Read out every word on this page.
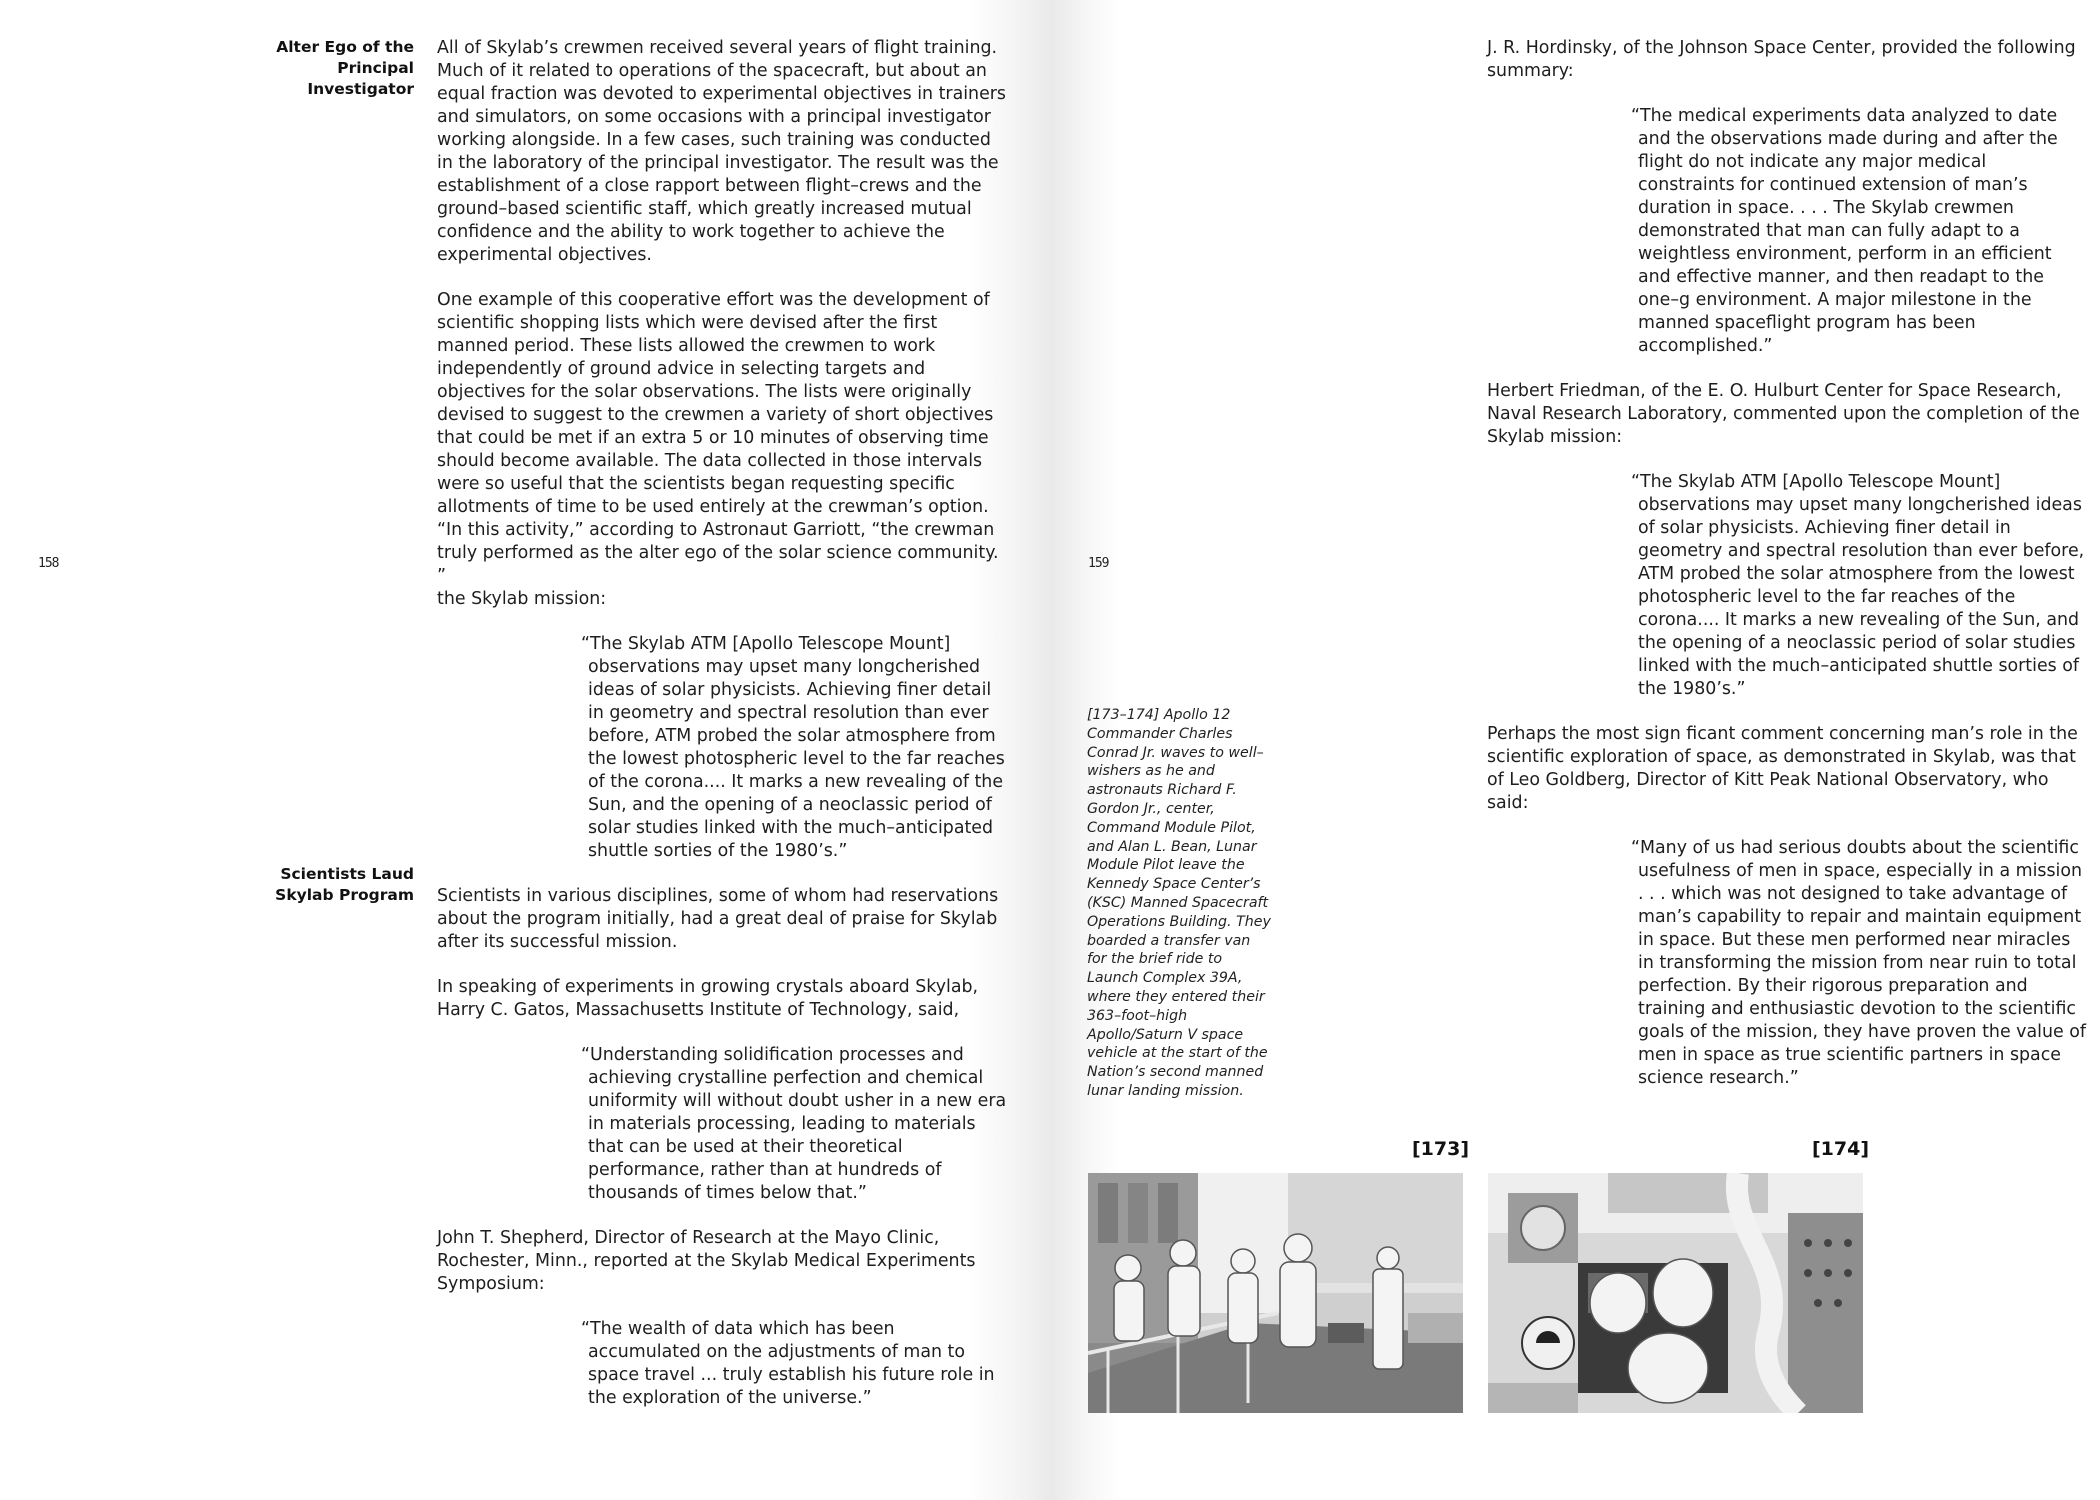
158
Alter Ego of the Principal Investigator
Scientists Laud Skylab Program

All of Skylab’s crewmen received several years of flight training. Much of it related to operations of the spacecraft, but about an equal fraction was devoted to experimental objectives in trainers and simulators, on some occasions with a principal investigator working alongside. In a few cases, such training was conducted in the laboratory of the principal investigator. The result was the establishment of a close rapport between flight–crews and the ground–based scientific staff, which greatly increased mutual confidence and the ability to work together to achieve the experimental objectives.

One example of this cooperative effort was the development of scientific shopping lists which were devised after the first manned period. These lists allowed the crewmen to work independently of ground advice in selecting targets and objectives for the solar observations. The lists were originally devised to suggest to the crewmen a variety of short objectives that could be met if an extra 5 or 10 minutes of observing time should become available. The data collected in those intervals were so useful that the scientists began requesting specific allotments of time to be used entirely at the crewman’s option. “In this activity,” according to Astronaut Garriott, “the crewman truly performed as the alter ego of the solar science community. ”

the Skylab mission:

“The Skylab ATM [Apollo Telescope Mount] observations may upset many longcherished ideas of solar physicists. Achieving finer detail in geometry and spectral resolution than ever before, ATM probed the solar atmosphere from the lowest photospheric level to the far reaches of the corona.... It marks a new revealing of the Sun, and the opening of a neoclassic period of solar studies linked with the much–anticipated shuttle sorties of the 1980’s.”

Scientists in various disciplines, some of whom had reservations about the program initially, had a great deal of praise for Skylab after its successful mission.

In speaking of experiments in growing crystals aboard Skylab, Harry C. Gatos, Massachusetts Institute of Technology, said,

“Understanding solidification processes and achieving crystalline perfection and chemical uniformity will without doubt usher in a new era in materials processing, leading to materials that can be used at their theoretical performance, rather than at hundreds of thousands of times below that.”

John T. Shepherd, Director of Research at the Mayo Clinic, Rochester, Minn., reported at the Skylab Medical Experiments Symposium:

“The wealth of data which has been accumulated on the adjustments of man to space travel ... truly establish his future role in the exploration of the universe.”

159

J. R. Hordinsky, of the Johnson Space Center, provided the following summary:

“The medical experiments data analyzed to date and the observations made during and after the flight do not indicate any major medical constraints for continued extension of man’s duration in space. . . . The Skylab crewmen demonstrated that man can fully adapt to a weightless environment, perform in an efficient and effective manner, and then readapt to the one–g environment. A major milestone in the manned spaceflight program has been accomplished.”

Herbert Friedman, of the E. O. Hulburt Center for Space Research, Naval Research Laboratory, commented upon the completion of the Skylab mission:

“The Skylab ATM [Apollo Telescope Mount] observations may upset many longcherished ideas of solar physicists. Achieving finer detail in geometry and spectral resolution than ever before, ATM probed the solar atmosphere from the lowest photospheric level to the far reaches of the corona.... It marks a new revealing of the Sun, and the opening of a neoclassic period of solar studies linked with the much–anticipated shuttle sorties of the 1980’s.”

Perhaps the most sign ficant comment concerning man’s role in the scientific exploration of space, as demonstrated in Skylab, was that of Leo Goldberg, Director of Kitt Peak National Observatory, who said:

“Many of us had serious doubts about the scientific usefulness of men in space, especially in a mission . . . which was not designed to take advantage of man’s capability to repair and maintain equipment in space. But these men performed near miracles in transforming the mission from near ruin to total perfection. By their rigorous preparation and training and enthusiastic devotion to the scientific goals of the mission, they have proven the value of men in space as true scientific partners in space science research.”

[173–174] Apollo 12 Commander Charles Conrad Jr. waves to well–wishers as he and astronauts Richard F. Gordon Jr., center, Command Module Pilot, and Alan L. Bean, Lunar Module Pilot leave the Kennedy Space Center’s (KSC) Manned Spacecraft Operations Building. They boarded a transfer van for the brief ride to Launch Complex 39A, where they entered their 363–foot–high Apollo/Saturn V space vehicle at the start of the Nation’s second manned lunar landing mission.
[173]	[174]
